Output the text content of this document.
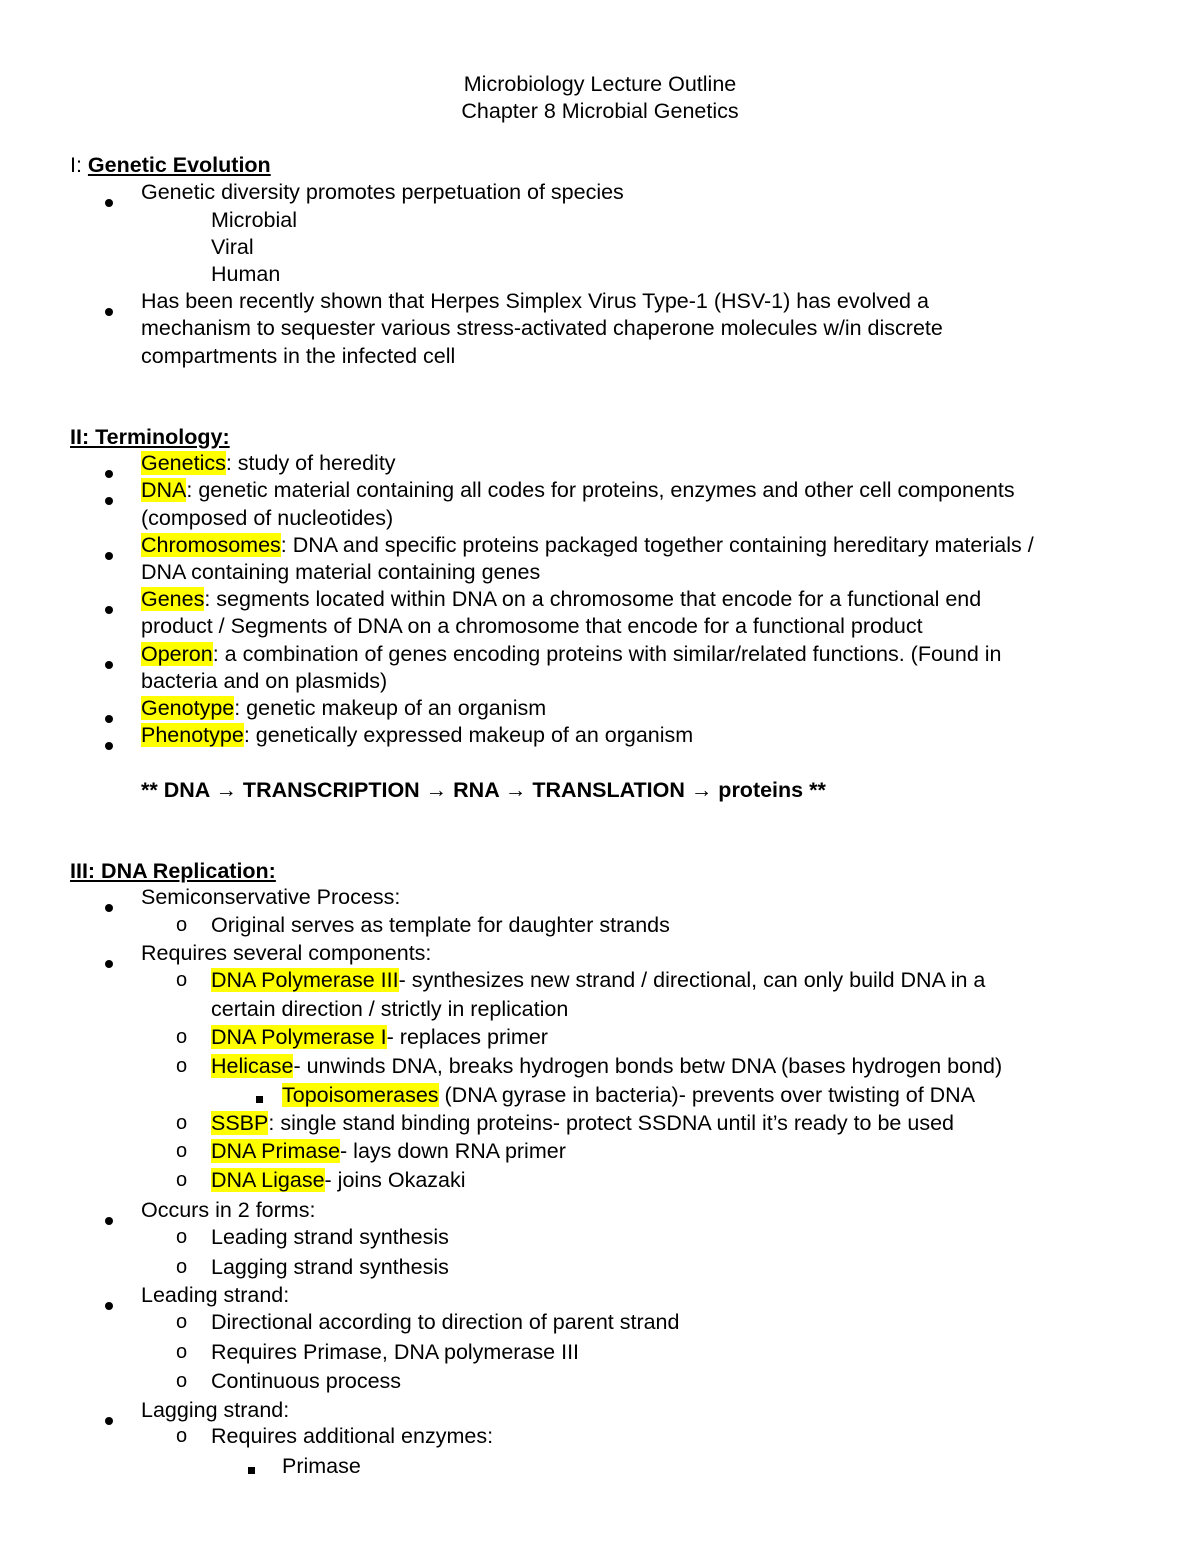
Microbiology Lecture Outline
Chapter 8 Microbial Genetics
I: Genetic Evolution
Genetic diversity promotes perpetuation of species
Microbial
Viral
Human
Has been recently shown that Herpes Simplex Virus Type-1 (HSV-1) has evolved a
mechanism to sequester various stress-activated chaperone molecules w/in discrete
compartments in the infected cell
II: Terminology:
Genetics: study of heredity
DNA: genetic material containing all codes for proteins, enzymes and other cell components
(composed of nucleotides)
Chromosomes: DNA and specific proteins packaged together containing hereditary materials /
DNA containing material containing genes
Genes: segments located within DNA on a chromosome that encode for a functional end
product / Segments of DNA on a chromosome that encode for a functional product
Operon: a combination of genes encoding proteins with similar/related functions. (Found in
bacteria and on plasmids)
Genotype: genetic makeup of an organism
Phenotype: genetically expressed makeup of an organism
** DNA → TRANSCRIPTION → RNA → TRANSLATION → proteins **
III: DNA Replication:
Semiconservative Process:
o Original serves as template for daughter strands
Requires several components:
o DNA Polymerase III- synthesizes new strand / directional, can only build DNA in a
certain direction / strictly in replication
o DNA Polymerase I- replaces primer
o Helicase- unwinds DNA, breaks hydrogen bonds betw DNA (bases hydrogen bond)
Topoisomerases (DNA gyrase in bacteria)- prevents over twisting of DNA
o SSBP: single stand binding proteins- protect SSDNA until it’s ready to be used
o DNA Primase- lays down RNA primer
o DNA Ligase- joins Okazaki
Occurs in 2 forms:
o Leading strand synthesis
o Lagging strand synthesis
Leading strand:
o Directional according to direction of parent strand
o Requires Primase, DNA polymerase III
o Continuous process
Lagging strand:
o Requires additional enzymes:
Primase
